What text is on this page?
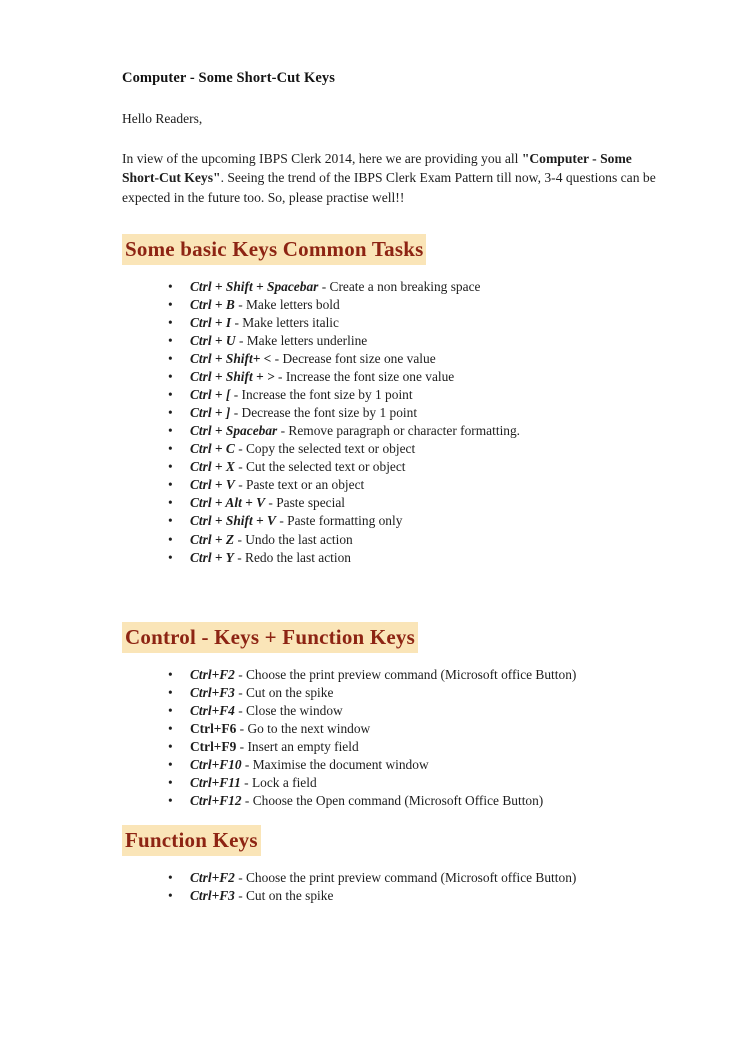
Computer - Some Short-Cut Keys

Hello Readers,

In view of the upcoming IBPS Clerk 2014, here we are providing you all "Computer - Some Short-Cut Keys". Seeing the trend of the IBPS Clerk Exam Pattern till now, 3-4 questions can be expected in the future too. So, please practise well!!

Some basic Keys Common Tasks
• Ctrl + Shift + Spacebar - Create a non breaking space
• Ctrl + B - Make letters bold
• Ctrl + I - Make letters italic
• Ctrl + U - Make letters underline
• Ctrl + Shift+ < - Decrease font size one value
• Ctrl + Shift + > - Increase the font size one value
• Ctrl + [ - Increase the font size by 1 point
• Ctrl + ] - Decrease the font size by 1 point
• Ctrl + Spacebar - Remove paragraph or character formatting.
• Ctrl + C - Copy the selected text or object
• Ctrl + X - Cut the selected text or object
• Ctrl + V - Paste text or an object
• Ctrl + Alt + V - Paste special
• Ctrl + Shift + V - Paste formatting only
• Ctrl + Z - Undo the last action
• Ctrl + Y - Redo the last action
Control - Keys + Function Keys
• Ctrl+F2 - Choose the print preview command (Microsoft office Button)
• Ctrl+F3 - Cut on the spike
• Ctrl+F4 - Close the window
• Ctrl+F6 - Go to the next window
• Ctrl+F9 - Insert an empty field
• Ctrl+F10 - Maximise the document window
• Ctrl+F11 - Lock a field
• Ctrl+F12 - Choose the Open command (Microsoft Office Button)
Function Keys
• Ctrl+F2 - Choose the print preview command (Microsoft office Button)
• Ctrl+F3 - Cut on the spike
